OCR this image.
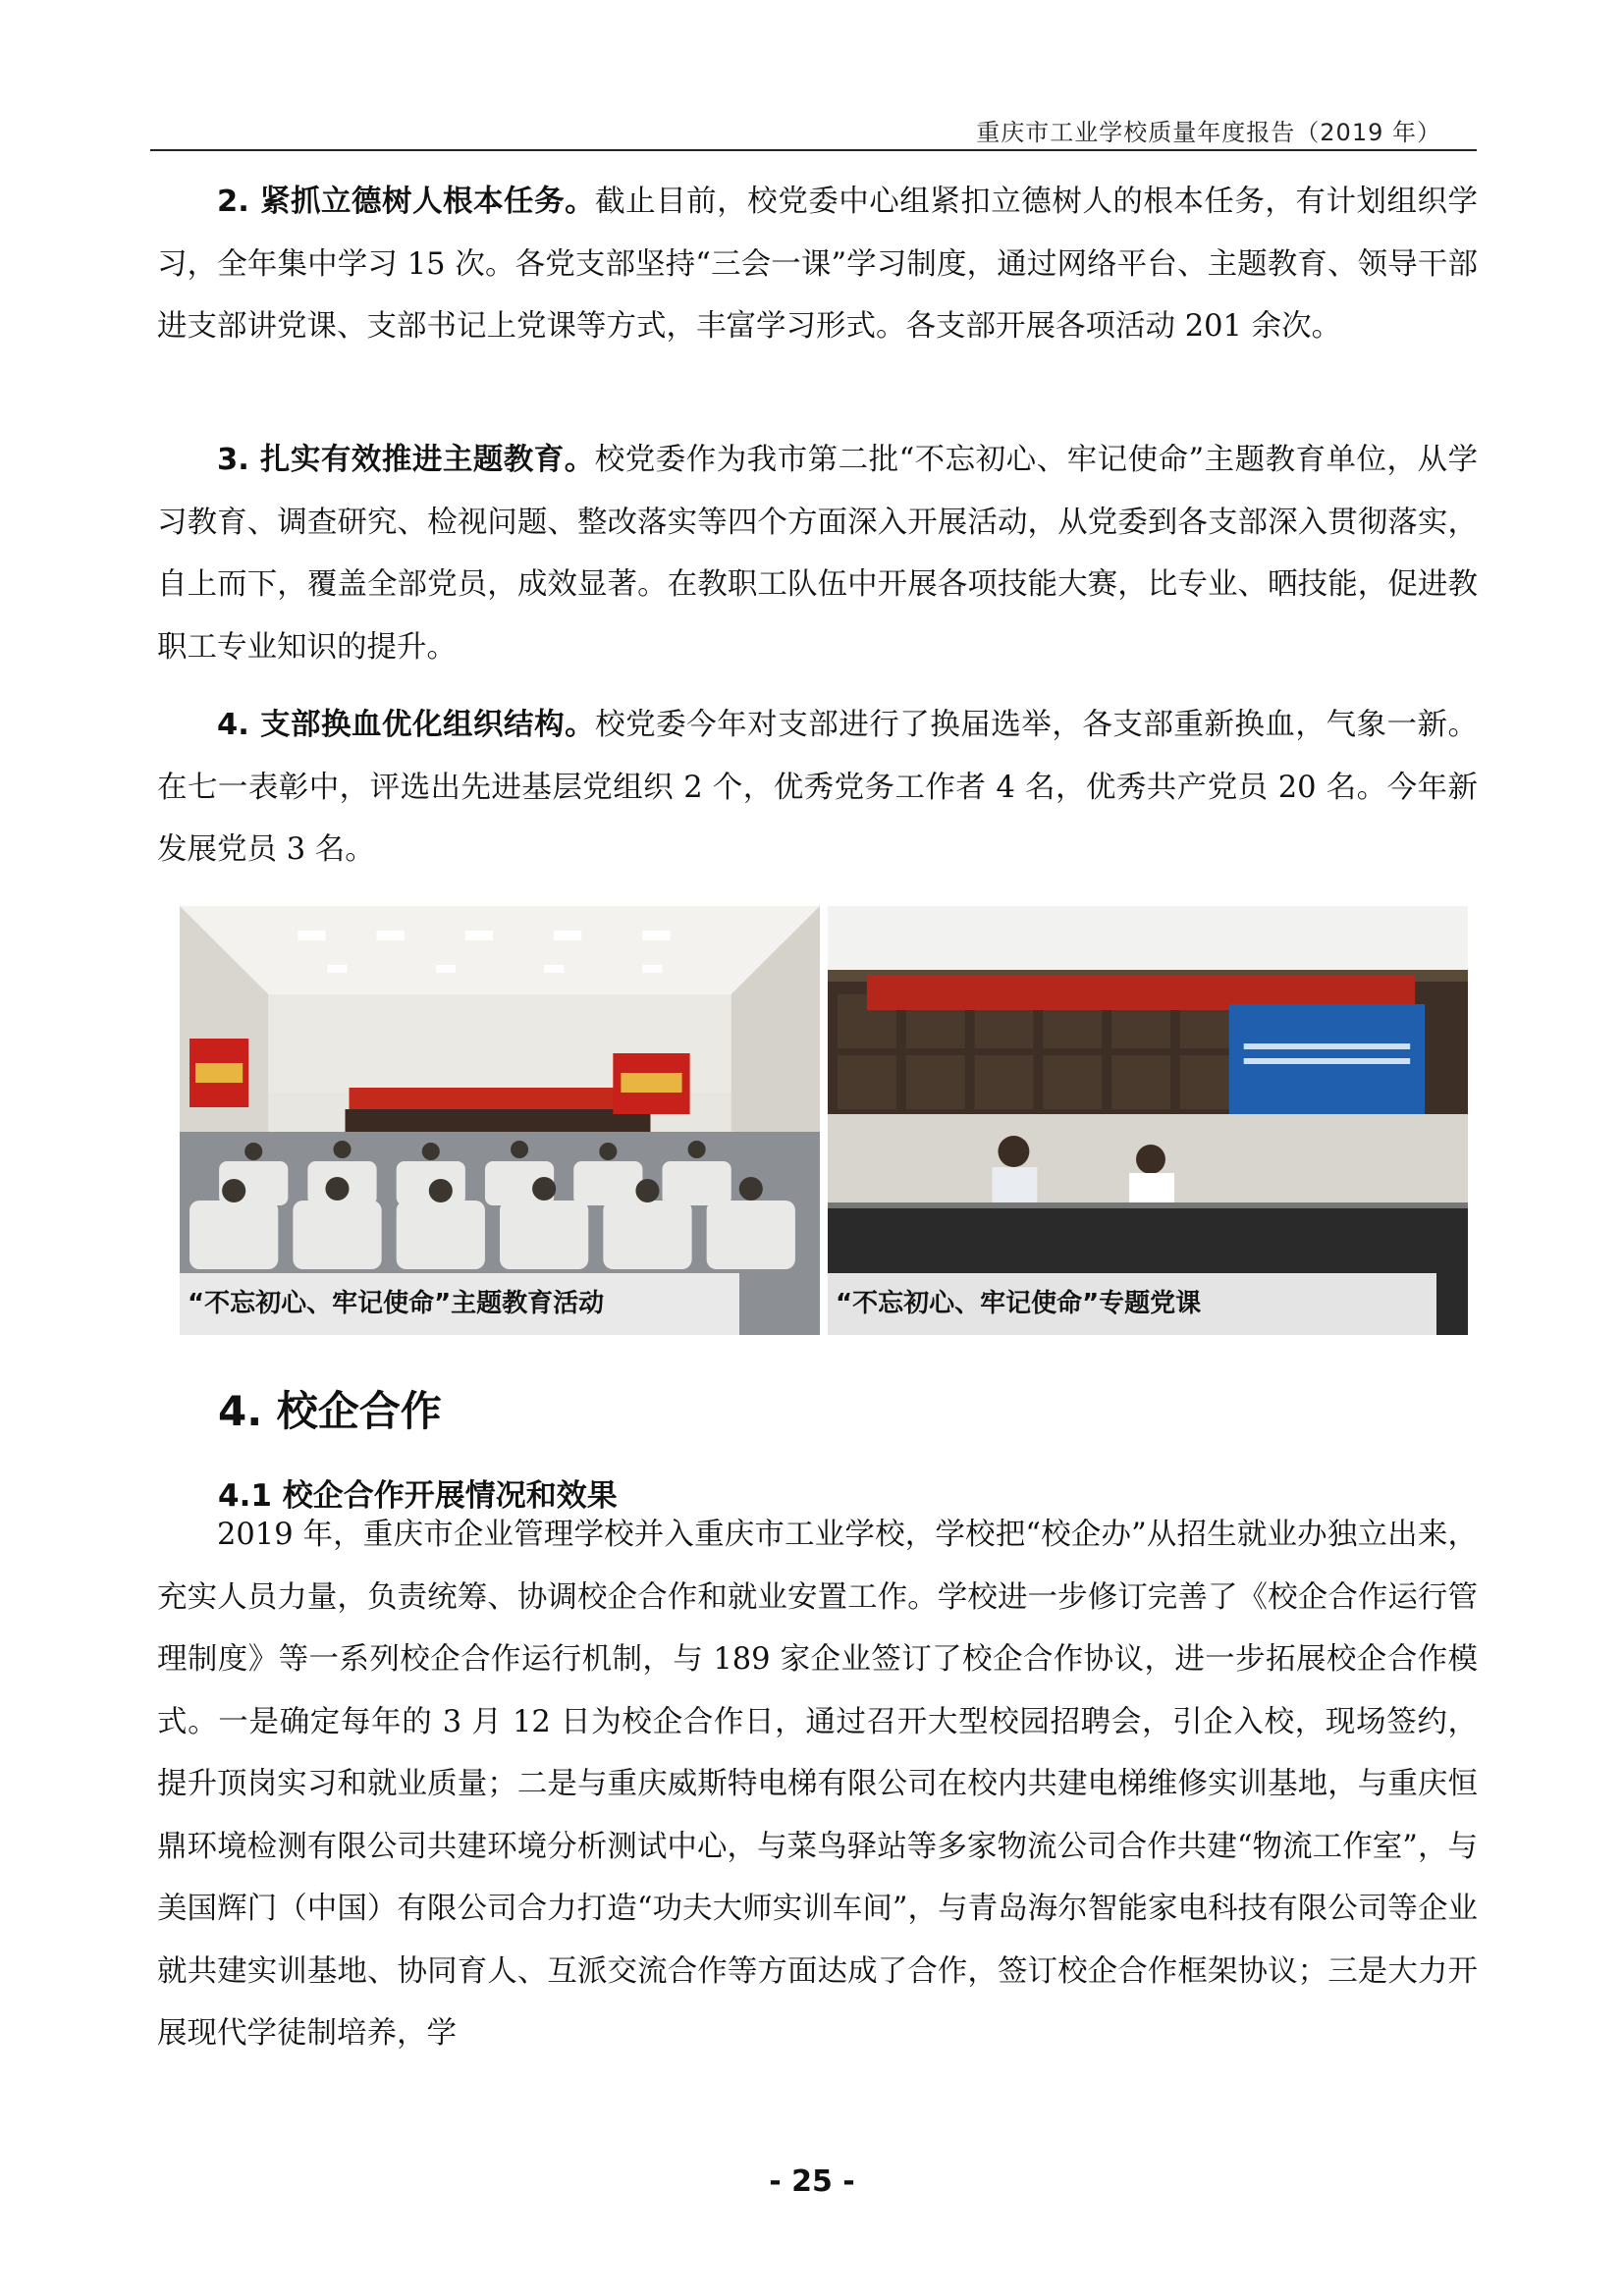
重庆市工业学校质量年度报告（2019 年）

2. 紧抓立德树人根本任务。截止目前，校党委中心组紧扣立德树人的根本任务，有计划组织学习，全年集中学习 15 次。各党支部坚持“三会一课”学习制度，通过网络平台、主题教育、领导干部进支部讲党课、支部书记上党课等方式，丰富学习形式。各支部开展各项活动 201 余次。

3. 扎实有效推进主题教育。校党委作为我市第二批“不忘初心、牢记使命”主题教育单位，从学习教育、调查研究、检视问题、整改落实等四个方面深入开展活动，从党委到各支部深入贯彻落实，自上而下，覆盖全部党员，成效显著。在教职工队伍中开展各项技能大赛，比专业、晒技能，促进教职工专业知识的提升。

4. 支部换血优化组织结构。校党委今年对支部进行了换届选举，各支部重新换血，气象一新。在七一表彰中，评选出先进基层党组织 2 个，优秀党务工作者 4 名，优秀共产党员 20 名。今年新发展党员 3 名。

“不忘初心、牢记使命”主题教育活动	“不忘初心、牢记使命”专题党课
4. 校企合作
4.1 校企合作开展情况和效果

2019 年，重庆市企业管理学校并入重庆市工业学校，学校把“校企办”从招生就业办独立出来，充实人员力量，负责统筹、协调校企合作和就业安置工作。学校进一步修订完善了《校企合作运行管理制度》等一系列校企合作运行机制，与 189 家企业签订了校企合作协议，进一步拓展校企合作模式。一是确定每年的 3 月 12 日为校企合作日，通过召开大型校园招聘会，引企入校，现场签约，提升顶岗实习和就业质量；二是与重庆威斯特电梯有限公司在校内共建电梯维修实训基地，与重庆恒鼎环境检测有限公司共建环境分析测试中心，与菜鸟驿站等多家物流公司合作共建“物流工作室”，与美国辉门（中国）有限公司合力打造“功夫大师实训车间”，与青岛海尔智能家电科技有限公司等企业就共建实训基地、协同育人、互派交流合作等方面达成了合作，签订校企合作框架协议；三是大力开展现代学徒制培养，学

- 25 -
